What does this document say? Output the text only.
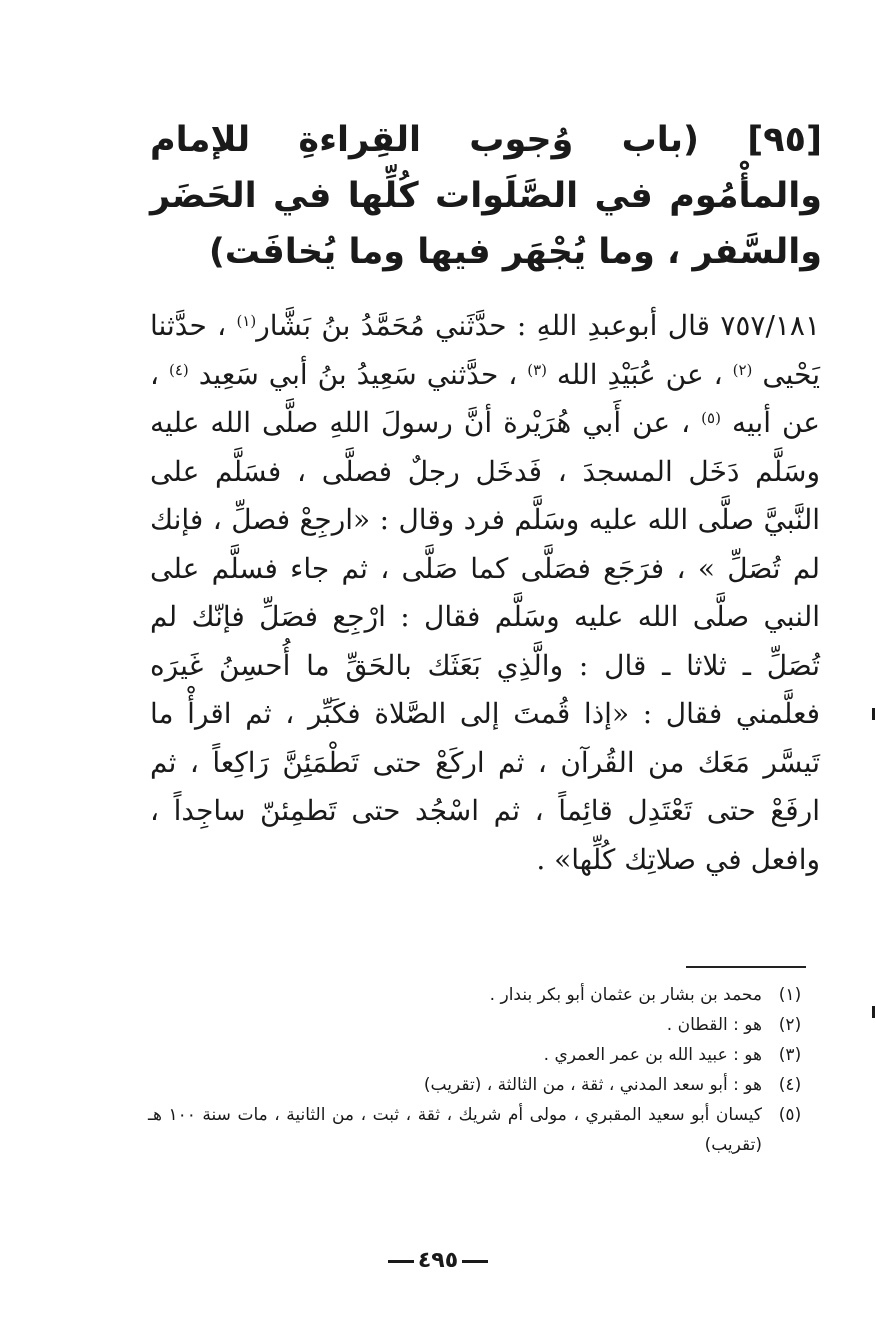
[٩٥] (باب وُجوب القِراءةِ للإمام والمأْمُوم في الصَّلَوات كُلِّها في الحَضَر والسَّفر ، وما يُجْهَر فيها وما يُخافَت)

٧٥٧/١٨١ قال أبوعبدِ اللهِ : حدَّثَني مُحَمَّدُ بنُ بَشَّار$^{(١)}$ ، حدَّثنا يَحْيى $^{(٢)}$ ، عن عُبَيْدِ الله $^{(٣)}$ ، حدَّثني سَعِيدُ بنُ أبي سَعِيد $^{(٤)}$ ، عن أبيه $^{(٥)}$ ، عن أَبي هُرَيْرة أنَّ رسولَ اللهِ صلَّى الله عليه وسَلَّم دَخَل المسجدَ ، فَدخَل رجلٌ فصلَّى ، فسَلَّم على النَّبيَّ صلَّى الله عليه وسَلَّم فرد وقال : «ارجِعْ فصلِّ ، فإنك لم تُصَلِّ » ، فرَجَع فصَلَّى كما صَلَّى ، ثم جاء فسلَّم على النبي صلَّى الله عليه وسَلَّم فقال : ارْجِع فصَلِّ فإنّك لم تُصَلِّ ـ ثلاثا ـ قال : والَّذِي بَعَثَك بالحَقِّ ما أُحسِنُ غَيرَه فعلَّمني فقال : «إذا قُمتَ إلى الصَّلاة فكَبِّر ، ثم اقرأْ ما تَيسَّر مَعَك من القُرآن ، ثم اركَعْ حتى تَطْمَئِنَّ رَاكِعاً ، ثم ارفَعْ حتى تَعْتَدِل قائِماً ، ثم اسْجُد حتى تَطمِئنّ ساجِداً ، وافعل في صلاتِك كُلِّها» .

(١)
محمد بن بشار بن عثمان أبو بكر بندار .
(٢)
هو : القطان .
(٣)
هو : عبيد الله بن عمر العمري .
(٤)
هو : أبو سعد المدني ، ثقة ، من الثالثة ، (تقريب)
(٥)
كيسان أبو سعيد المقبري ، مولى أم شريك ، ثقة ، ثبت ، من الثانية ، مات سنة ١٠٠ هـ (تقريب)
٤٩٥
